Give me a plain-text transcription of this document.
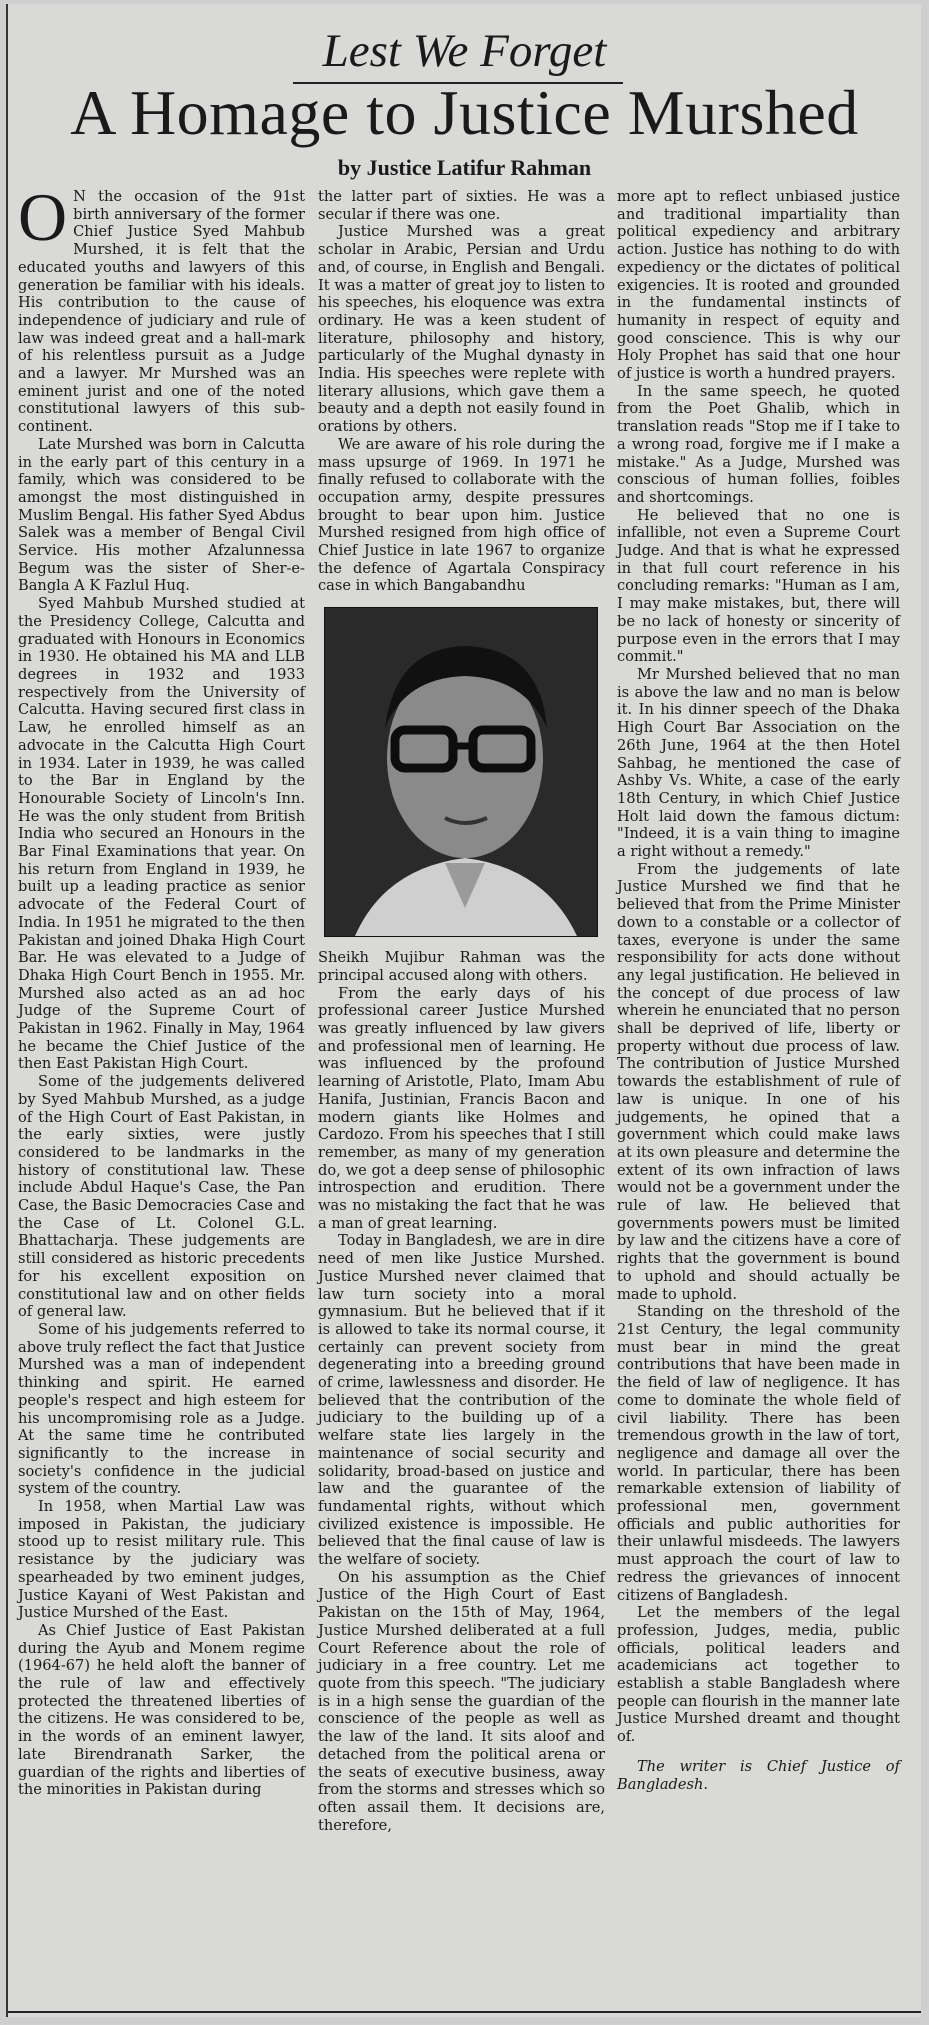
Lest We Forget
A Homage to Justice Murshed
by Justice Latifur Rahman

O N the occasion of the 91st birth anniversary of the former Chief Justice Syed Mahbub Murshed, it is felt that the educated youths and lawyers of this generation be familiar with his ideals. His contribution to the cause of independence of judiciary and rule of law was indeed great and a hall-mark of his relentless pursuit as a Judge and a lawyer. Mr Murshed was an eminent jurist and one of the noted constitutional lawyers of this sub-continent.

Late Murshed was born in Calcutta in the early part of this century in a family, which was considered to be amongst the most distinguished in Muslim Bengal. His father Syed Abdus Salek was a member of Bengal Civil Service. His mother Afzalunnessa Begum was the sister of Sher-e-Bangla A K Fazlul Huq.

Syed Mahbub Murshed studied at the Presidency College, Calcutta and graduated with Honours in Economics in 1930. He obtained his MA and LLB degrees in 1932 and 1933 respectively from the University of Calcutta. Having secured first class in Law, he enrolled himself as an advocate in the Calcutta High Court in 1934. Later in 1939, he was called to the Bar in England by the Honourable Society of Lincoln's Inn. He was the only student from British India who secured an Honours in the Bar Final Examinations that year. On his return from England in 1939, he built up a leading practice as senior advocate of the Federal Court of India. In 1951 he migrated to the then Pakistan and joined Dhaka High Court Bar. He was elevated to a Judge of Dhaka High Court Bench in 1955. Mr. Murshed also acted as an ad hoc Judge of the Supreme Court of Pakistan in 1962. Finally in May, 1964 he became the Chief Justice of the then East Pakistan High Court.

Some of the judgements delivered by Syed Mahbub Murshed, as a judge of the High Court of East Pakistan, in the early sixties, were justly considered to be landmarks in the history of constitutional law. These include Abdul Haque's Case, the Pan Case, the Basic Democracies Case and the Case of Lt. Colonel G.L. Bhattacharja. These judgements are still considered as historic precedents for his excellent exposition on constitutional law and on other fields of general law.

Some of his judgements referred to above truly reflect the fact that Justice Murshed was a man of independent thinking and spirit. He earned people's respect and high esteem for his uncompromising role as a Judge. At the same time he contributed significantly to the increase in society's confidence in the judicial system of the country.

In 1958, when Martial Law was imposed in Pakistan, the judiciary stood up to resist military rule. This resistance by the judiciary was spearheaded by two eminent judges, Justice Kayani of West Pakistan and Justice Murshed of the East.

As Chief Justice of East Pakistan during the Ayub and Monem regime (1964-67) he held aloft the banner of the rule of law and effectively protected the threatened liberties of the citizens. He was considered to be, in the words of an eminent lawyer, late Birendranath Sarker, the guardian of the rights and liberties of the minorities in Pakistan during

the latter part of sixties. He was a secular if there was one.

Justice Murshed was a great scholar in Arabic, Persian and Urdu and, of course, in English and Bengali. It was a matter of great joy to listen to his speeches, his eloquence was extra ordinary. He was a keen student of literature, philosophy and history, particularly of the Mughal dynasty in India. His speeches were replete with literary allusions, which gave them a beauty and a depth not easily found in orations by others.

We are aware of his role during the mass upsurge of 1969. In 1971 he finally refused to collaborate with the occupation army, despite pressures brought to bear upon him. Justice Murshed resigned from high office of Chief Justice in late 1967 to organize the defence of Agartala Conspiracy case in which Bangabandhu

Sheikh Mujibur Rahman was the principal accused along with others.

From the early days of his professional career Justice Murshed was greatly influenced by law givers and professional men of learning. He was influenced by the profound learning of Aristotle, Plato, Imam Abu Hanifa, Justinian, Francis Bacon and modern giants like Holmes and Cardozo. From his speeches that I still remember, as many of my generation do, we got a deep sense of philosophic introspection and erudition. There was no mistaking the fact that he was a man of great learning.

Today in Bangladesh, we are in dire need of men like Justice Murshed. Justice Murshed never claimed that law turn society into a moral gymnasium. But he believed that if it is allowed to take its normal course, it certainly can prevent society from degenerating into a breeding ground of crime, lawlessness and disorder. He believed that the contribution of the judiciary to the building up of a welfare state lies largely in the maintenance of social security and solidarity, broad-based on justice and law and the guarantee of the fundamental rights, without which civilized existence is impossible. He believed that the final cause of law is the welfare of society.

On his assumption as the Chief Justice of the High Court of East Pakistan on the 15th of May, 1964, Justice Murshed deliberated at a full Court Reference about the role of judiciary in a free country. Let me quote from this speech. "The judiciary is in a high sense the guardian of the conscience of the people as well as the law of the land. It sits aloof and detached from the political arena or the seats of executive business, away from the storms and stresses which so often assail them. It decisions are, therefore,

more apt to reflect unbiased justice and traditional impartiality than political expediency and arbitrary action. Justice has nothing to do with expediency or the dictates of political exigencies. It is rooted and grounded in the fundamental instincts of humanity in respect of equity and good conscience. This is why our Holy Prophet has said that one hour of justice is worth a hundred prayers.

In the same speech, he quoted from the Poet Ghalib, which in translation reads "Stop me if I take to a wrong road, forgive me if I make a mistake." As a Judge, Murshed was conscious of human follies, foibles and shortcomings.

He believed that no one is infallible, not even a Supreme Court Judge. And that is what he expressed in that full court reference in his concluding remarks: "Human as I am, I may make mistakes, but, there will be no lack of honesty or sincerity of purpose even in the errors that I may commit."

Mr Murshed believed that no man is above the law and no man is below it. In his dinner speech of the Dhaka High Court Bar Association on the 26th June, 1964 at the then Hotel Sahbag, he mentioned the case of Ashby Vs. White, a case of the early 18th Century, in which Chief Justice Holt laid down the famous dictum: "Indeed, it is a vain thing to imagine a right without a remedy."

From the judgements of late Justice Murshed we find that he believed that from the Prime Minister down to a constable or a collector of taxes, everyone is under the same responsibility for acts done without any legal justification. He believed in the concept of due process of law wherein he enunciated that no person shall be deprived of life, liberty or property without due process of law. The contribution of Justice Murshed towards the establishment of rule of law is unique. In one of his judgements, he opined that a government which could make laws at its own pleasure and determine the extent of its own infraction of laws would not be a government under the rule of law. He believed that governments powers must be limited by law and the citizens have a core of rights that the government is bound to uphold and should actually be made to uphold.

Standing on the threshold of the 21st Century, the legal community must bear in mind the great contributions that have been made in the field of law of negligence. It has come to dominate the whole field of civil liability. There has been tremendous growth in the law of tort, negligence and damage all over the world. In particular, there has been remarkable extension of liability of professional men, government officials and public authorities for their unlawful misdeeds. The lawyers must approach the court of law to redress the grievances of innocent citizens of Bangladesh.

Let the members of the legal profession, Judges, media, public officials, political leaders and academicians act together to establish a stable Bangladesh where people can flourish in the manner late Justice Murshed dreamt and thought of.

The writer is Chief Justice of Bangladesh.
